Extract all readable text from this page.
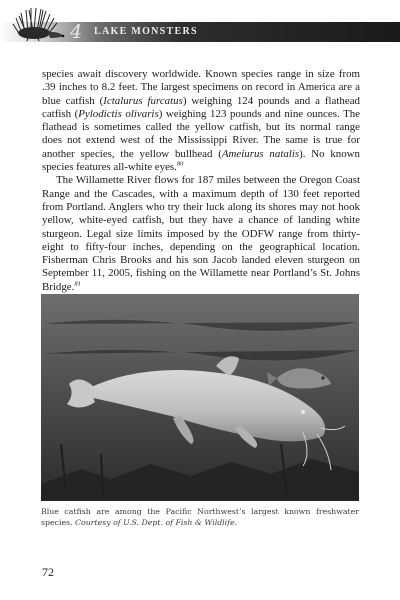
4 LAKE MONSTERS

species await discovery worldwide. Known species range in size from .39 inches to 8.2 feet. The largest specimens on record in America are a blue catfish (Ictalurus furcatus) weighing 124 pounds and a flathead catfish (Pylodictis olivaris) weighing 123 pounds and nine ounces. The flathead is sometimes called the yellow catfish, but its normal range does not extend west of the Mississippi River. The same is true for another species, the yellow bullhead (Ameiurus natalis). No known species features all-white eyes.$^{80}$

The Willamette River flows for 187 miles between the Oregon Coast Range and the Cascades, with a maximum depth of 130 feet reported from Portland. Anglers who try their luck along its shores may not hook yellow, white-eyed catfish, but they have a chance of landing white sturgeon. Legal size limits imposed by the ODFW range from thirty-eight to fifty-four inches, depending on the geographical location. Fisherman Chris Brooks and his son Jacob landed eleven sturgeon on September 11, 2005, fishing on the Willamette near Portland’s St. Johns Bridge.$^{81}$

Blue catfish are among the Pacific Northwest’s largest known freshwater species. Courtesy of U.S. Dept. of Fish & Wildlife.
72
